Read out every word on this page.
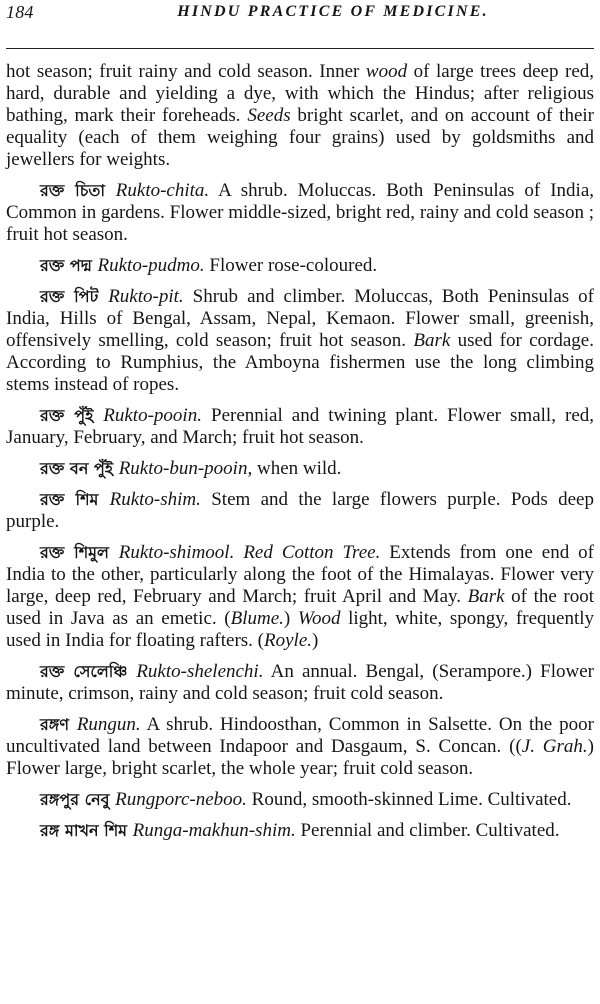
184	HINDU PRACTICE OF MEDICINE.

hot season; fruit rainy and cold season. Inner wood of large trees deep red, hard, durable and yielding a dye, with which the Hindus; after religious bathing, mark their foreheads. Seeds bright scarlet, and on account of their equality (each of them weighing four grains) used by goldsmiths and jewellers for weights.

রক্ত চিতা Rukto-chita. A shrub. Moluccas. Both Peninsulas of India, Common in gardens. Flower middle-sized, bright red, rainy and cold season ; fruit hot season.

রক্ত পদ্ম Rukto-pudmo. Flower rose-coloured.

রক্ত পিট Rukto-pit. Shrub and climber. Moluccas, Both Peninsulas of India, Hills of Bengal, Assam, Nepal, Kemaon. Flower small, greenish, offensively smelling, cold season; fruit hot season. Bark used for cordage. According to Rumphius, the Amboyna fishermen use the long climbing stems instead of ropes.

রক্ত পুঁই Rukto-pooin. Perennial and twining plant. Flower small, red, January, February, and March; fruit hot season.

রক্ত বন পুঁই Rukto-bun-pooin, when wild.

রক্ত শিম Rukto-shim. Stem and the large flowers purple. Pods deep purple.

রক্ত শিমুল Rukto-shimool. Red Cotton Tree. Extends from one end of India to the other, particularly along the foot of the Himalayas. Flower very large, deep red, February and March; fruit April and May. Bark of the root used in Java as an emetic. (Blume.) Wood light, white, spongy, frequently used in India for floating rafters. (Royle.)

রক্ত সেলেঞ্চি Rukto-shelenchi. An annual. Bengal, (Serampore.) Flower minute, crimson, rainy and cold season; fruit cold season.

রঙ্গণ Rungun. A shrub. Hindoosthan, Common in Salsette. On the poor uncultivated land between Indapoor and Dasgaum, S. Concan. ((J. Grah.) Flower large, bright scarlet, the whole year; fruit cold season.

রঙ্গপুর নেবু Rungporc-neboo. Round, smooth-skinned Lime. Cultivated.

রঙ্গ মাখন শিম Runga-makhun-shim. Perennial and climber. Cultivated.
